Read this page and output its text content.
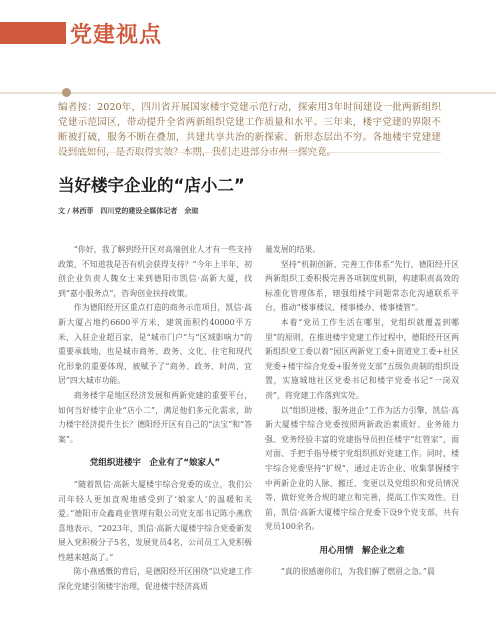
党建视点
编者按：2020年，四川省开展国家楼宇党建示范行动，探索用3年时间建设一批两新组织党建示范园区，带动提升全省两新组织党建工作质量和水平。三年来，楼宇党建的界限不断被打破，服务不断在叠加，共建共享共治的新探索、新形态层出不穷。各地楼宇党建建
当好楼宇企业的“店小二”
文 / 林西菲　四川党的建设全媒体记者　余琼

“你好，我了解到经开区对高端创业人才有一些支持政策，不知道我是否有机会获得支持？”今年上半年，初创企业负责人魏女士来到德阳市凯信·高新大厦，找到“嘉小服务点”，咨询创业扶持政策。

作为德阳经开区重点打造的商务示范项目，凯信·高新大厦占地约6600平方米，建筑面积约40000平方米，入驻企业超百家，是“城市门户”与“区域影响力”的重要承载地，也是城市商务、政务、文化、住宅和现代化形象的重要体现，被赋予了“商务、政务、时尚、宜居”四大城市功能。

商务楼宇是地区经济发展和两新党建的重要平台，如何当好楼宇企业“店小二”，满足他们多元化需求，助力楼宇经济提升生长？德阳经开区有自己的“法宝”和“答案”。

党组织进楼宇　企业有了“娘家人”

“随着凯信·高新大厦楼宇综合党委的成立，我们公司年轻人更加直观地感受到了‘娘家人’的温暖和关爱。”德阳市众鑫商业管理有限公司党支部书记陈小燕欣喜地表示，“2023年，凯信·高新大厦楼宇综合党委新发展入党积极分子5名，发展党员4名，公司员工入党积极性越来越高了。”

陈小燕感慨的背后，是德阳经开区围绕“以党建工作深化党建引领楼宇治理，促进楼宇经济高质

量发展的结果。

坚持“机制创新、完善工作体系”先行，德阳经开区两新组织工委积极完善各项制度机制，构建职责高效的标准化管理体系，辖强组楼宇同题常态化沟通联系平台，推动“楼事楼议、楼事楼办、楼事楼管”。

本着“党员工作生活在哪里，党组织就覆盖到哪里”的原则，在推进楼宇党建工作过程中，德阳经开区两新组织党工委以着“园区两新党工委+街道党工委+社区党委+楼宇综合党委+服务党支部”五级负责制的组织设置，实施城地社区党委书记和楼宇党委书记“一岗双责”，将党建工作落到实处。

以“组织进楼、服务进企”工作为活力引擎，凯信·高新大厦楼宇综合党委按照两新政治素质好、业务能力强、党务经验丰富的党建指导员担任楼宇“红管家”，面对面、手把手指导楼宇党组织抓好党建工作。同时，楼宇综合党委坚持“扩规”，通过走访企业、收集掌握楼宇中两新企业的人脉、搬迁、变更以及党组织和党员情况等，做好党务合规的建立和完善，提高工作实效性。目前，凯信·高新大厦楼宇综合党委下设9个党支部，共有党员100余名。

用心用情　解企业之难

“真的很感谢你们，为我们解了燃眉之急。”晨
